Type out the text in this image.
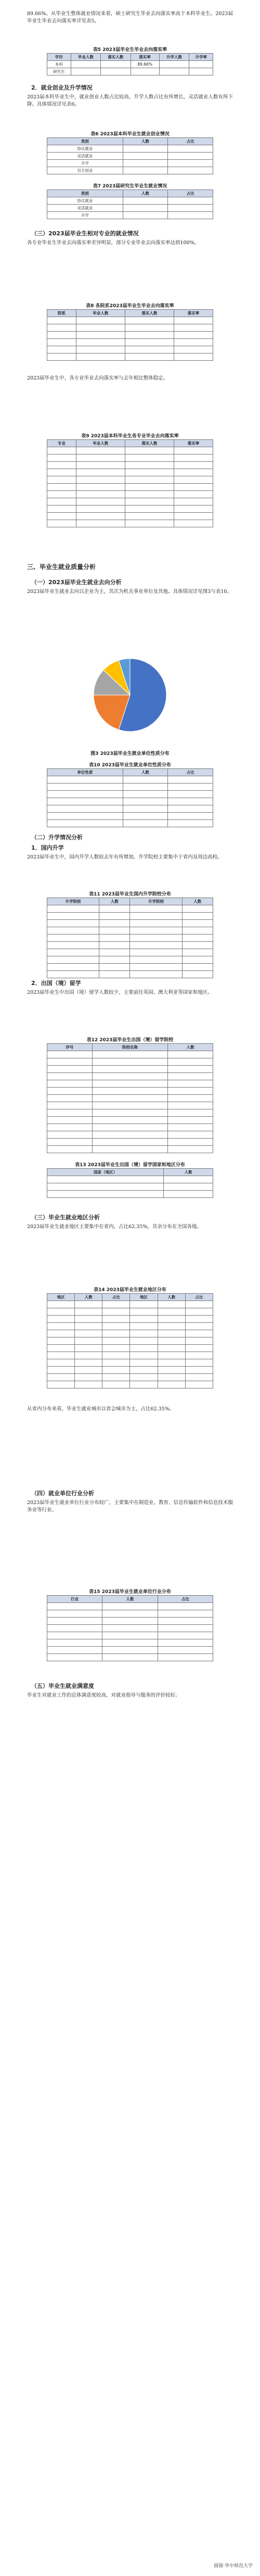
89.66%。从毕业生整体就业情况来看，硕士研究生毕业去向落实率高于本科毕业生。2023届毕业生毕业去向落实率详见表5。
表5 2023届毕业生毕业去向落实率
学历	毕业人数	落实人数	落实率	升学人数	升学率
本科			89.66%		
研究生					
2．就业创业及升学情况
2023届本科毕业生中，就业创业人数占比较高，升学人数占比有所增长，灵活就业人数有所下降。具体情况详见表6。
表6 2023届本科毕业生就业创业情况
类别	人数	占比
协议就业		
灵活就业		
升学		
自主创业		
表7 2023届研究生毕业生就业情况
类别	人数	占比
协议就业		
灵活就业		
升学		
（三）2023届毕业生相对专业的就业情况
各专业毕业生毕业去向落实率差异明显，部分专业毕业去向落实率达到100%。
表8 各院系2023届毕业生毕业去向落实率
院系	毕业人数	落实人数	落实率

2023届毕业生中，各专业毕业去向落实率与去年相比整体稳定。
表9 2023届本科毕业生各专业毕业去向落实率
专业	毕业人数	落实人数	落实率

三、毕业生就业质量分析
（一）2023届毕业生就业去向分析
2023届毕业生就业去向以企业为主，其次为机关事业单位及其他。具体情况详见图3与表10。
图3 2023届毕业生就业单位性质分布
表10 2023届毕业生就业单位性质分布
单位性质	人数	占比

（二）升学情况分析
1．国内升学
2023届毕业生中，国内升学人数较去年有所增加，升学院校主要集中于省内及周边高校。
表11 2023届毕业生国内升学院校分布
升学院校	人数	升学院校	人数

2．出国（境）留学
2023届毕业生中出国（境）留学人数较少，主要前往英国、澳大利亚等国家和地区。
表12 2023届毕业生出国（境）留学院校
序号	院校名称	人数

表13 2023届毕业生出国（境）留学国家和地区分布
国家（地区）	人数

（三）毕业生就业地区分析
2023届毕业生就业地区主要集中在省内，占比62.35%，其余分布在全国各地。
表14 2023届毕业生就业地区分布
地区	人数	占比	地区	人数	占比

从省内分布来看，毕业生就业城市以省会城市为主，占比62.35%。
（四）就业单位行业分析
2023届毕业生就业单位行业分布较广，主要集中在制造业、教育、信息传输软件和信息技术服务业等行业。
表15 2023届毕业生就业单位行业分布
行业	人数	占比

（五）毕业生就业满意度
毕业生对就业工作的总体满意度较高，对就业指导与服务的评价较好。
圆图·华中师范大学
